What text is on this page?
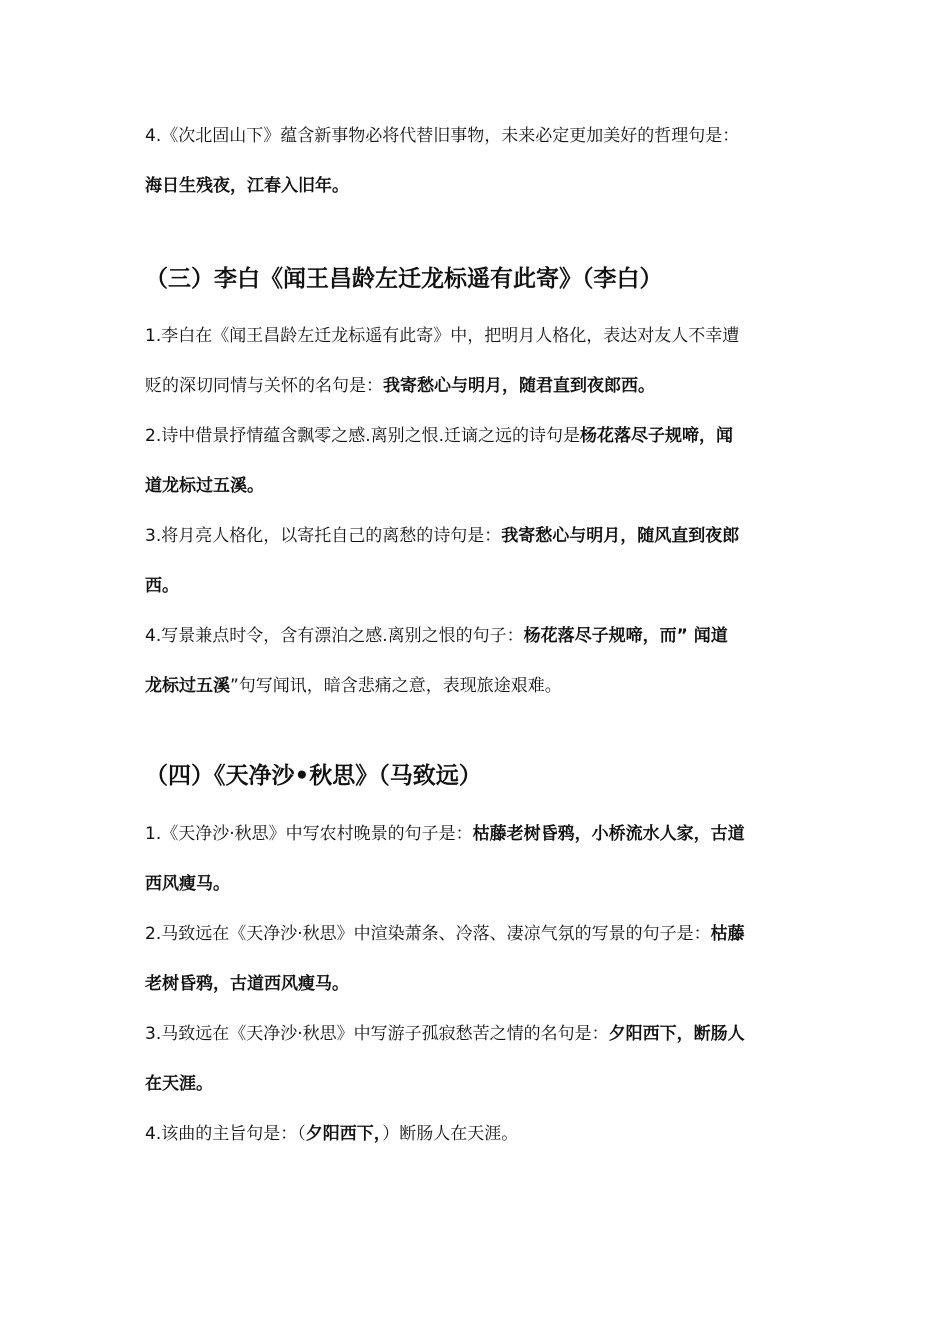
4.《次北固山下》蕴含新事物必将代替旧事物，未来必定更加美好的哲理句是：
海日生残夜，江春入旧年。
（三）李白《闻王昌龄左迁龙标遥有此寄》（李白）
1.李白在《闻王昌龄左迁龙标遥有此寄》中，把明月人格化，表达对友人不幸遭
贬的深切同情与关怀的名句是：我寄愁心与明月，随君直到夜郎西。
2.诗中借景抒情蕴含飘零之感.离别之恨.迁谪之远的诗句是杨花落尽子规啼，闻
道龙标过五溪。
3.将月亮人格化，以寄托自己的离愁的诗句是：我寄愁心与明月，随风直到夜郎
西。
4.写景兼点时令，含有漂泊之感.离别之恨的句子：杨花落尽子规啼，而” 闻道
龙标过五溪”句写闻讯，暗含悲痛之意，表现旅途艰难。
（四）《天净沙•秋思》（马致远）
1.《天净沙·秋思》中写农村晚景的句子是：枯藤老树昏鸦，小桥流水人家，古道
西风瘦马。
2.马致远在《天净沙·秋思》中渲染萧条、冷落、凄凉气氛的写景的句子是：枯藤
老树昏鸦，古道西风瘦马。
3.马致远在《天净沙·秋思》中写游子孤寂愁苦之情的名句是：夕阳西下，断肠人
在天涯。
4.该曲的主旨句是：（夕阳西下，）断肠人在天涯。
